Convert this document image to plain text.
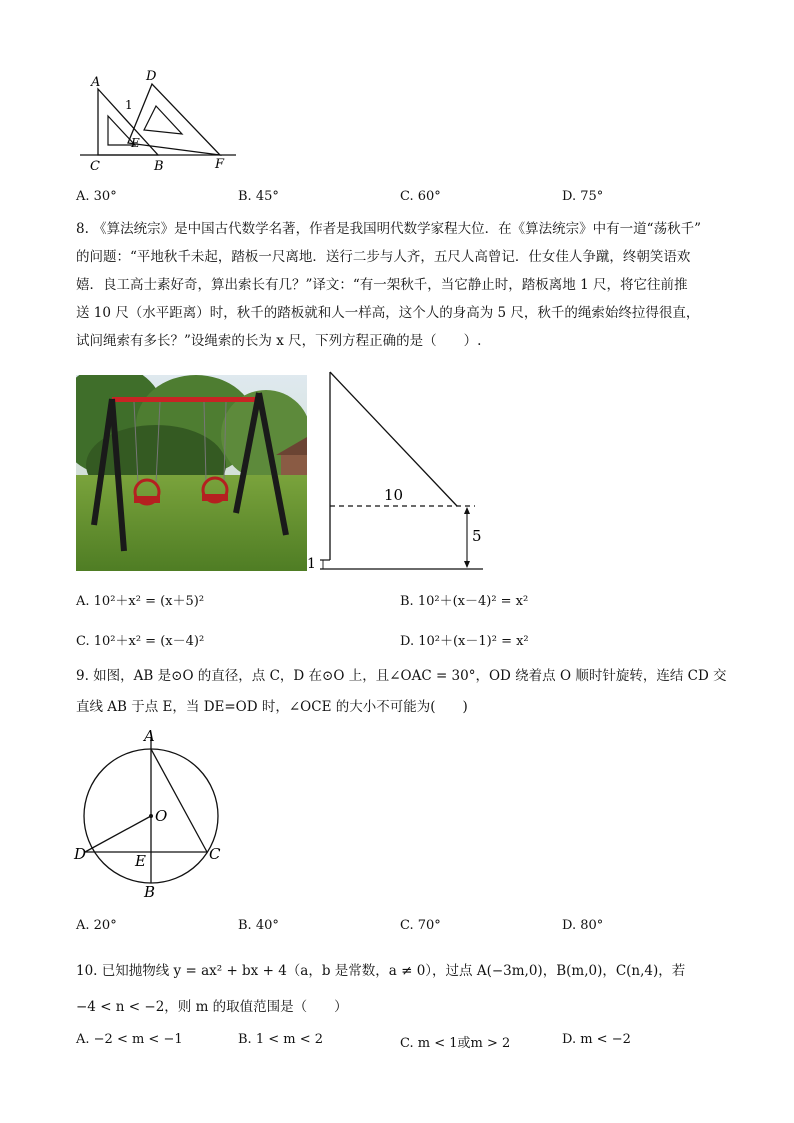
A	D
1
E
C	B	F
A. 30°	B. 45°	C. 60°	D. 75°
8. 《算法统宗》是中国古代数学名著，作者是我国明代数学家程大位．在《算法统宗》中有一道“荡秋千”
的问题：“平地秋千未起，踏板一尺离地．送行二步与人齐，五尺人高曾记．仕女佳人争蹴，终朝笑语欢
嬉．良工高士素好奇，算出索长有几？”译文：“有一架秋千，当它静止时，踏板离地 1 尺，将它往前推
送 10 尺（水平距离）时，秋千的踏板就和人一样高，这个人的身高为 5 尺，秋千的绳索始终拉得很直，
试问绳索有多长？”设绳索的长为 x 尺，下列方程正确的是（　　）.
10
5
1
A. 10²＋x² = (x＋5)²	B. 10²＋(x－4)² = x²
C. 10²＋x² = (x－4)²	D. 10²＋(x－1)² = x²
9. 如图，AB 是⊙O 的直径，点 C，D 在⊙O 上，且∠OAC = 30°，OD 绕着点 O 顺时针旋转，连结 CD 交
直线 AB 于点 E，当 DE=OD 时，∠OCE 的大小不可能为(　　)
A
O
D	E	C
B
A. 20°	B. 40°	C. 70°	D. 80°
10. 已知抛物线 y = ax² + bx + 4（a，b 是常数，a ≠ 0），过点 A(−3m,0)，B(m,0)，C(n,4)，若
−4 < n < −2，则 m 的取值范围是（　　）
A. −2 < m < −1	B. 1 < m < 2	C. m < 1或m > 2	D. m < −2
